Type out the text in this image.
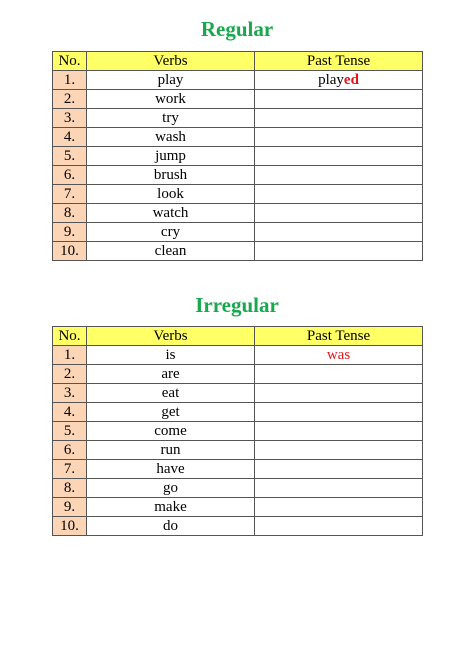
Regular
No.	Verbs	Past Tense
1.	play	played
2.	work	
3.	try	
4.	wash	
5.	jump	
6.	brush	
7.	look	
8.	watch	
9.	cry	
10.	clean	
Irregular
No.	Verbs	Past Tense
1.	is	was
2.	are	
3.	eat	
4.	get	
5.	come	
6.	run	
7.	have	
8.	go	
9.	make	
10.	do	
